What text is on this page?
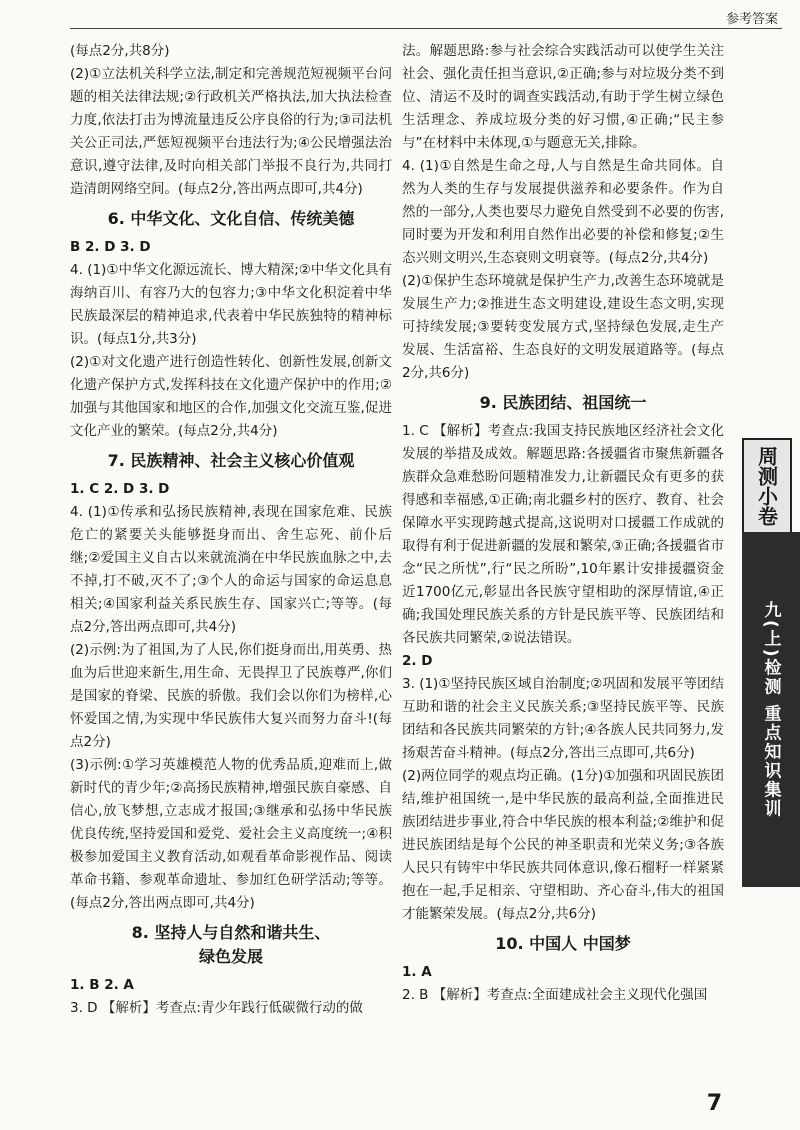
参考答案

(每点2分,共8分)

(2)①立法机关科学立法,制定和完善规范短视频平台问题的相关法律法规;②行政机关严格执法,加大执法检查力度,依法打击为博流量违反公序良俗的行为;③司法机关公正司法,严惩短视频平台违法行为;④公民增强法治意识,遵守法律,及时向相关部门举报不良行为,共同打造清朗网络空间。(每点2分,答出两点即可,共4分)

6. 中华文化、文化自信、传统美德

B 2. D 3. D

4. (1)①中华文化源远流长、博大精深;②中华文化具有海纳百川、有容乃大的包容力;③中华文化积淀着中华民族最深层的精神追求,代表着中华民族独特的精神标识。(每点1分,共3分)

(2)①对文化遗产进行创造性转化、创新性发展,创新文化遗产保护方式,发挥科技在文化遗产保护中的作用;②加强与其他国家和地区的合作,加强文化交流互鉴,促进文化产业的繁荣。(每点2分,共4分)

7. 民族精神、社会主义核心价值观

1. C 2. D 3. D

4. (1)①传承和弘扬民族精神,表现在国家危难、民族危亡的紧要关头能够挺身而出、舍生忘死、前仆后继;②爱国主义自古以来就流淌在中华民族血脉之中,去不掉,打不破,灭不了;③个人的命运与国家的命运息息相关;④国家利益关系民族生存、国家兴亡;等等。(每点2分,答出两点即可,共4分)

(2)示例:为了祖国,为了人民,你们挺身而出,用英勇、热血为后世迎来新生,用生命、无畏捍卫了民族尊严,你们是国家的脊梁、民族的骄傲。我们会以你们为榜样,心怀爱国之情,为实现中华民族伟大复兴而努力奋斗!(每点2分)

(3)示例:①学习英雄模范人物的优秀品质,迎难而上,做新时代的青少年;②高扬民族精神,增强民族自豪感、自信心,放飞梦想,立志成才报国;③继承和弘扬中华民族优良传统,坚持爱国和爱党、爱社会主义高度统一;④积极参加爱国主义教育活动,如观看革命影视作品、阅读革命书籍、参观革命遗址、参加红色研学活动;等等。(每点2分,答出两点即可,共4分)

8. 坚持人与自然和谐共生、
绿色发展

1. B 2. A

3. D 【解析】考查点:青少年践行低碳微行动的做

法。解题思路:参与社会综合实践活动可以使学生关注社会、强化责任担当意识,②正确;参与对垃圾分类不到位、清运不及时的调查实践活动,有助于学生树立绿色生活理念、养成垃圾分类的好习惯,④正确;“民主参与”在材料中未体现,①与题意无关,排除。

4. (1)①自然是生命之母,人与自然是生命共同体。自然为人类的生存与发展提供滋养和必要条件。作为自然的一部分,人类也要尽力避免自然受到不必要的伤害,同时要为开发和利用自然作出必要的补偿和修复;②生态兴则文明兴,生态衰则文明衰等。(每点2分,共4分)

(2)①保护生态环境就是保护生产力,改善生态环境就是发展生产力;②推进生态文明建设,建设生态文明,实现可持续发展;③要转变发展方式,坚持绿色发展,走生产发展、生活富裕、生态良好的文明发展道路等。(每点2分,共6分)

9. 民族团结、祖国统一

1. C 【解析】考查点:我国支持民族地区经济社会文化发展的举措及成效。解题思路:各援疆省市聚焦新疆各族群众急难愁盼问题精准发力,让新疆民众有更多的获得感和幸福感,①正确;南北疆乡村的医疗、教育、社会保障水平实现跨越式提高,这说明对口援疆工作成就的取得有利于促进新疆的发展和繁荣,③正确;各援疆省市念“民之所忧”,行“民之所盼”,10年累计安排援疆资金近1700亿元,彰显出各民族守望相助的深厚情谊,④正确;我国处理民族关系的方针是民族平等、民族团结和各民族共同繁荣,②说法错误。

2. D

3. (1)①坚持民族区域自治制度;②巩固和发展平等团结互助和谐的社会主义民族关系;③坚持民族平等、民族团结和各民族共同繁荣的方针;④各族人民共同努力,发扬艰苦奋斗精神。(每点2分,答出三点即可,共6分)

(2)两位同学的观点均正确。(1分)①加强和巩固民族团结,维护祖国统一,是中华民族的最高利益,全面推进民族团结进步事业,符合中华民族的根本利益;②维护和促进民族团结是每个公民的神圣职责和光荣义务;③各族人民只有铸牢中华民族共同体意识,像石榴籽一样紧紧抱在一起,手足相亲、守望相助、齐心奋斗,伟大的祖国才能繁荣发展。(每点2分,共6分)

10. 中国人 中国梦

1. A

2. B 【解析】考查点:全面建成社会主义现代化强国

周测小卷
九(上)检测 重点知识集训
7
